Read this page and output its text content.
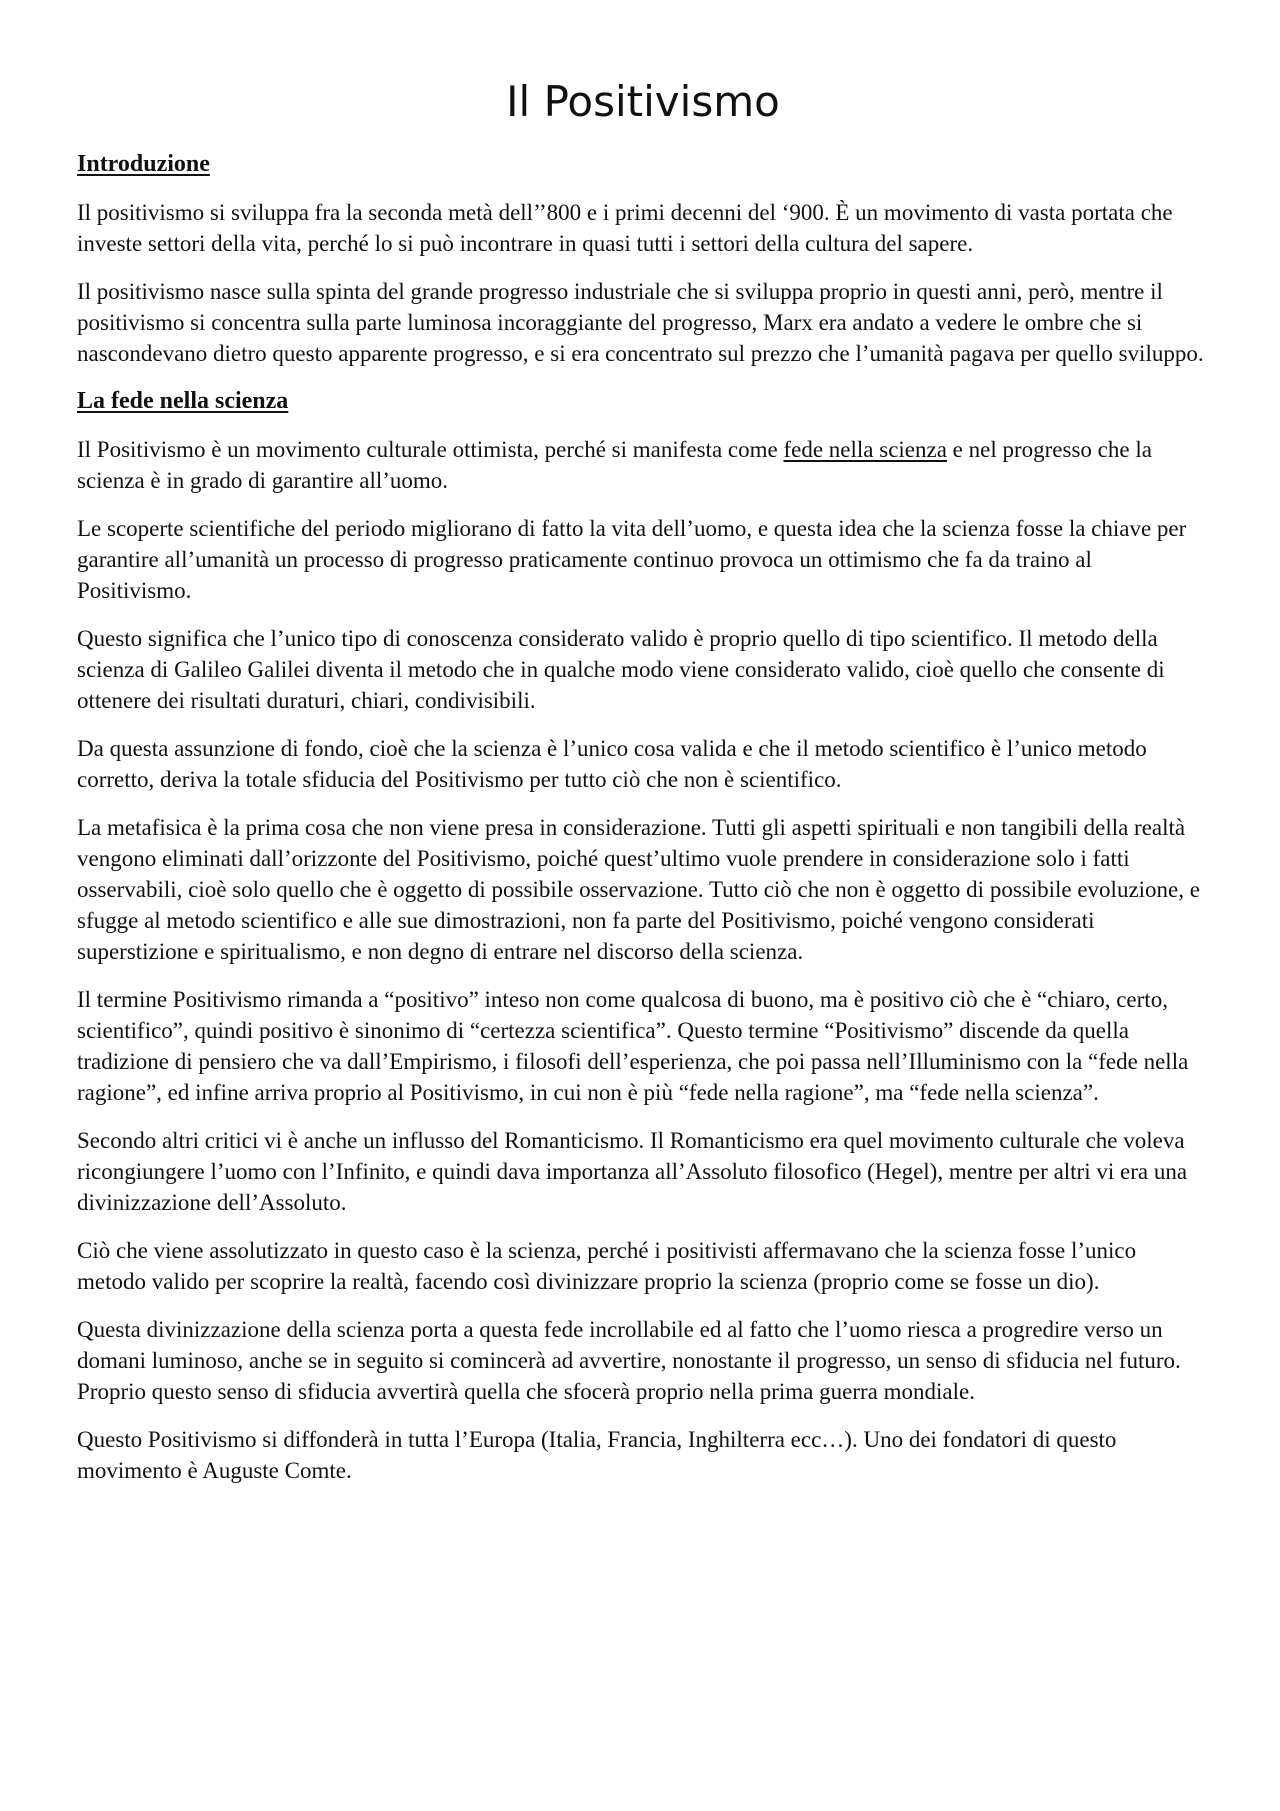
Il Positivismo
Introduzione

Il positivismo si sviluppa fra la seconda metà dell’’800 e i primi decenni del ‘900. È un movimento di vasta portata che investe settori della vita, perché lo si può incontrare in quasi tutti i settori della cultura del sapere.

Il positivismo nasce sulla spinta del grande progresso industriale che si sviluppa proprio in questi anni, però, mentre il positivismo si concentra sulla parte luminosa incoraggiante del progresso, Marx era andato a vedere le ombre che si nascondevano dietro questo apparente progresso, e si era concentrato sul prezzo che l’umanità pagava per quello sviluppo.

La fede nella scienza

Il Positivismo è un movimento culturale ottimista, perché si manifesta come fede nella scienza e nel progresso che la scienza è in grado di garantire all’uomo.

Le scoperte scientifiche del periodo migliorano di fatto la vita dell’uomo, e questa idea che la scienza fosse la chiave per garantire all’umanità un processo di progresso praticamente continuo provoca un ottimismo che fa da traino al Positivismo.

Questo significa che l’unico tipo di conoscenza considerato valido è proprio quello di tipo scientifico. Il metodo della scienza di Galileo Galilei diventa il metodo che in qualche modo viene considerato valido, cioè quello che consente di ottenere dei risultati duraturi, chiari, condivisibili.

Da questa assunzione di fondo, cioè che la scienza è l’unico cosa valida e che il metodo scientifico è l’unico metodo corretto, deriva la totale sfiducia del Positivismo per tutto ciò che non è scientifico.

La metafisica è la prima cosa che non viene presa in considerazione. Tutti gli aspetti spirituali e non tangibili della realtà vengono eliminati dall’orizzonte del Positivismo, poiché quest’ultimo vuole prendere in considerazione solo i fatti osservabili, cioè solo quello che è oggetto di possibile osservazione. Tutto ciò che non è oggetto di possibile evoluzione, e sfugge al metodo scientifico e alle sue dimostrazioni, non fa parte del Positivismo, poiché vengono considerati superstizione e spiritualismo, e non degno di entrare nel discorso della scienza.

Il termine Positivismo rimanda a “positivo” inteso non come qualcosa di buono, ma è positivo ciò che è “chiaro, certo, scientifico”, quindi positivo è sinonimo di “certezza scientifica”. Questo termine “Positivismo” discende da quella tradizione di pensiero che va dall’Empirismo, i filosofi dell’esperienza, che poi passa nell’Illuminismo con la “fede nella ragione”, ed infine arriva proprio al Positivismo, in cui non è più “fede nella ragione”, ma “fede nella scienza”.

Secondo altri critici vi è anche un influsso del Romanticismo. Il Romanticismo era quel movimento culturale che voleva ricongiungere l’uomo con l’Infinito, e quindi dava importanza all’Assoluto filosofico (Hegel), mentre per altri vi era una divinizzazione dell’Assoluto.

Ciò che viene assolutizzato in questo caso è la scienza, perché i positivisti affermavano che la scienza fosse l’unico metodo valido per scoprire la realtà, facendo così divinizzare proprio la scienza (proprio come se fosse un dio).

Questa divinizzazione della scienza porta a questa fede incrollabile ed al fatto che l’uomo riesca a progredire verso un domani luminoso, anche se in seguito si comincerà ad avvertire, nonostante il progresso, un senso di sfiducia nel futuro. Proprio questo senso di sfiducia avvertirà quella che sfocerà proprio nella prima guerra mondiale.

Questo Positivismo si diffonderà in tutta l’Europa (Italia, Francia, Inghilterra ecc…). Uno dei fondatori di questo movimento è Auguste Comte.
